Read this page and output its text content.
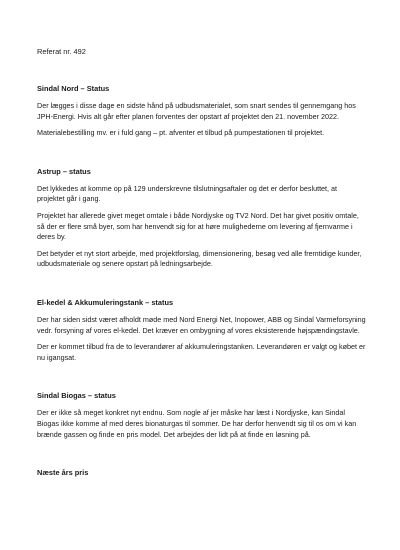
Referat nr. 492
Sindal Nord – Status

Der lægges i disse dage en sidste hånd på udbudsmaterialet, som snart sendes til gennemgang hos JPH-Energi. Hvis alt går efter planen forventes der opstart af projektet den 21. november 2022.

Materialebestilling mv. er i fuld gang – pt. afventer et tilbud på pumpestationen til projektet.

Astrup – status

Det lykkedes at komme op på 129 underskrevne tilslutningsaftaler og det er derfor besluttet, at projektet går i gang.

Projektet har allerede givet meget omtale i både Nordjyske og TV2 Nord. Det har givet positiv omtale, så der er flere små byer, som har henvendt sig for at høre mulighederne om levering af fjernvarme i deres by.

Det betyder et nyt stort arbejde, med projektforslag, dimensionering, besøg ved alle fremtidige kunder, udbudsmateriale og senere opstart på ledningsarbejde.

El-kedel & Akkumuleringstank – status

Der har siden sidst været afholdt møde med Nord Energi Net, Inopower, ABB og Sindal Varmeforsyning vedr. forsyning af vores el-kedel. Det kræver en ombygning af vores eksisterende højspændingstavle.

Der er kommet tilbud fra de to leverandører af akkumuleringstanken. Leverandøren er valgt og købet er nu igangsat.

Sindal Biogas – status

Der er ikke så meget konkret nyt endnu. Som nogle af jer måske har læst i Nordjyske, kan Sindal Biogas ikke komme af med deres bionaturgas til sommer. De har derfor henvendt sig til os om vi kan brænde gassen og finde en pris model. Det arbejdes der lidt på at finde en løsning på.

Næste års pris
